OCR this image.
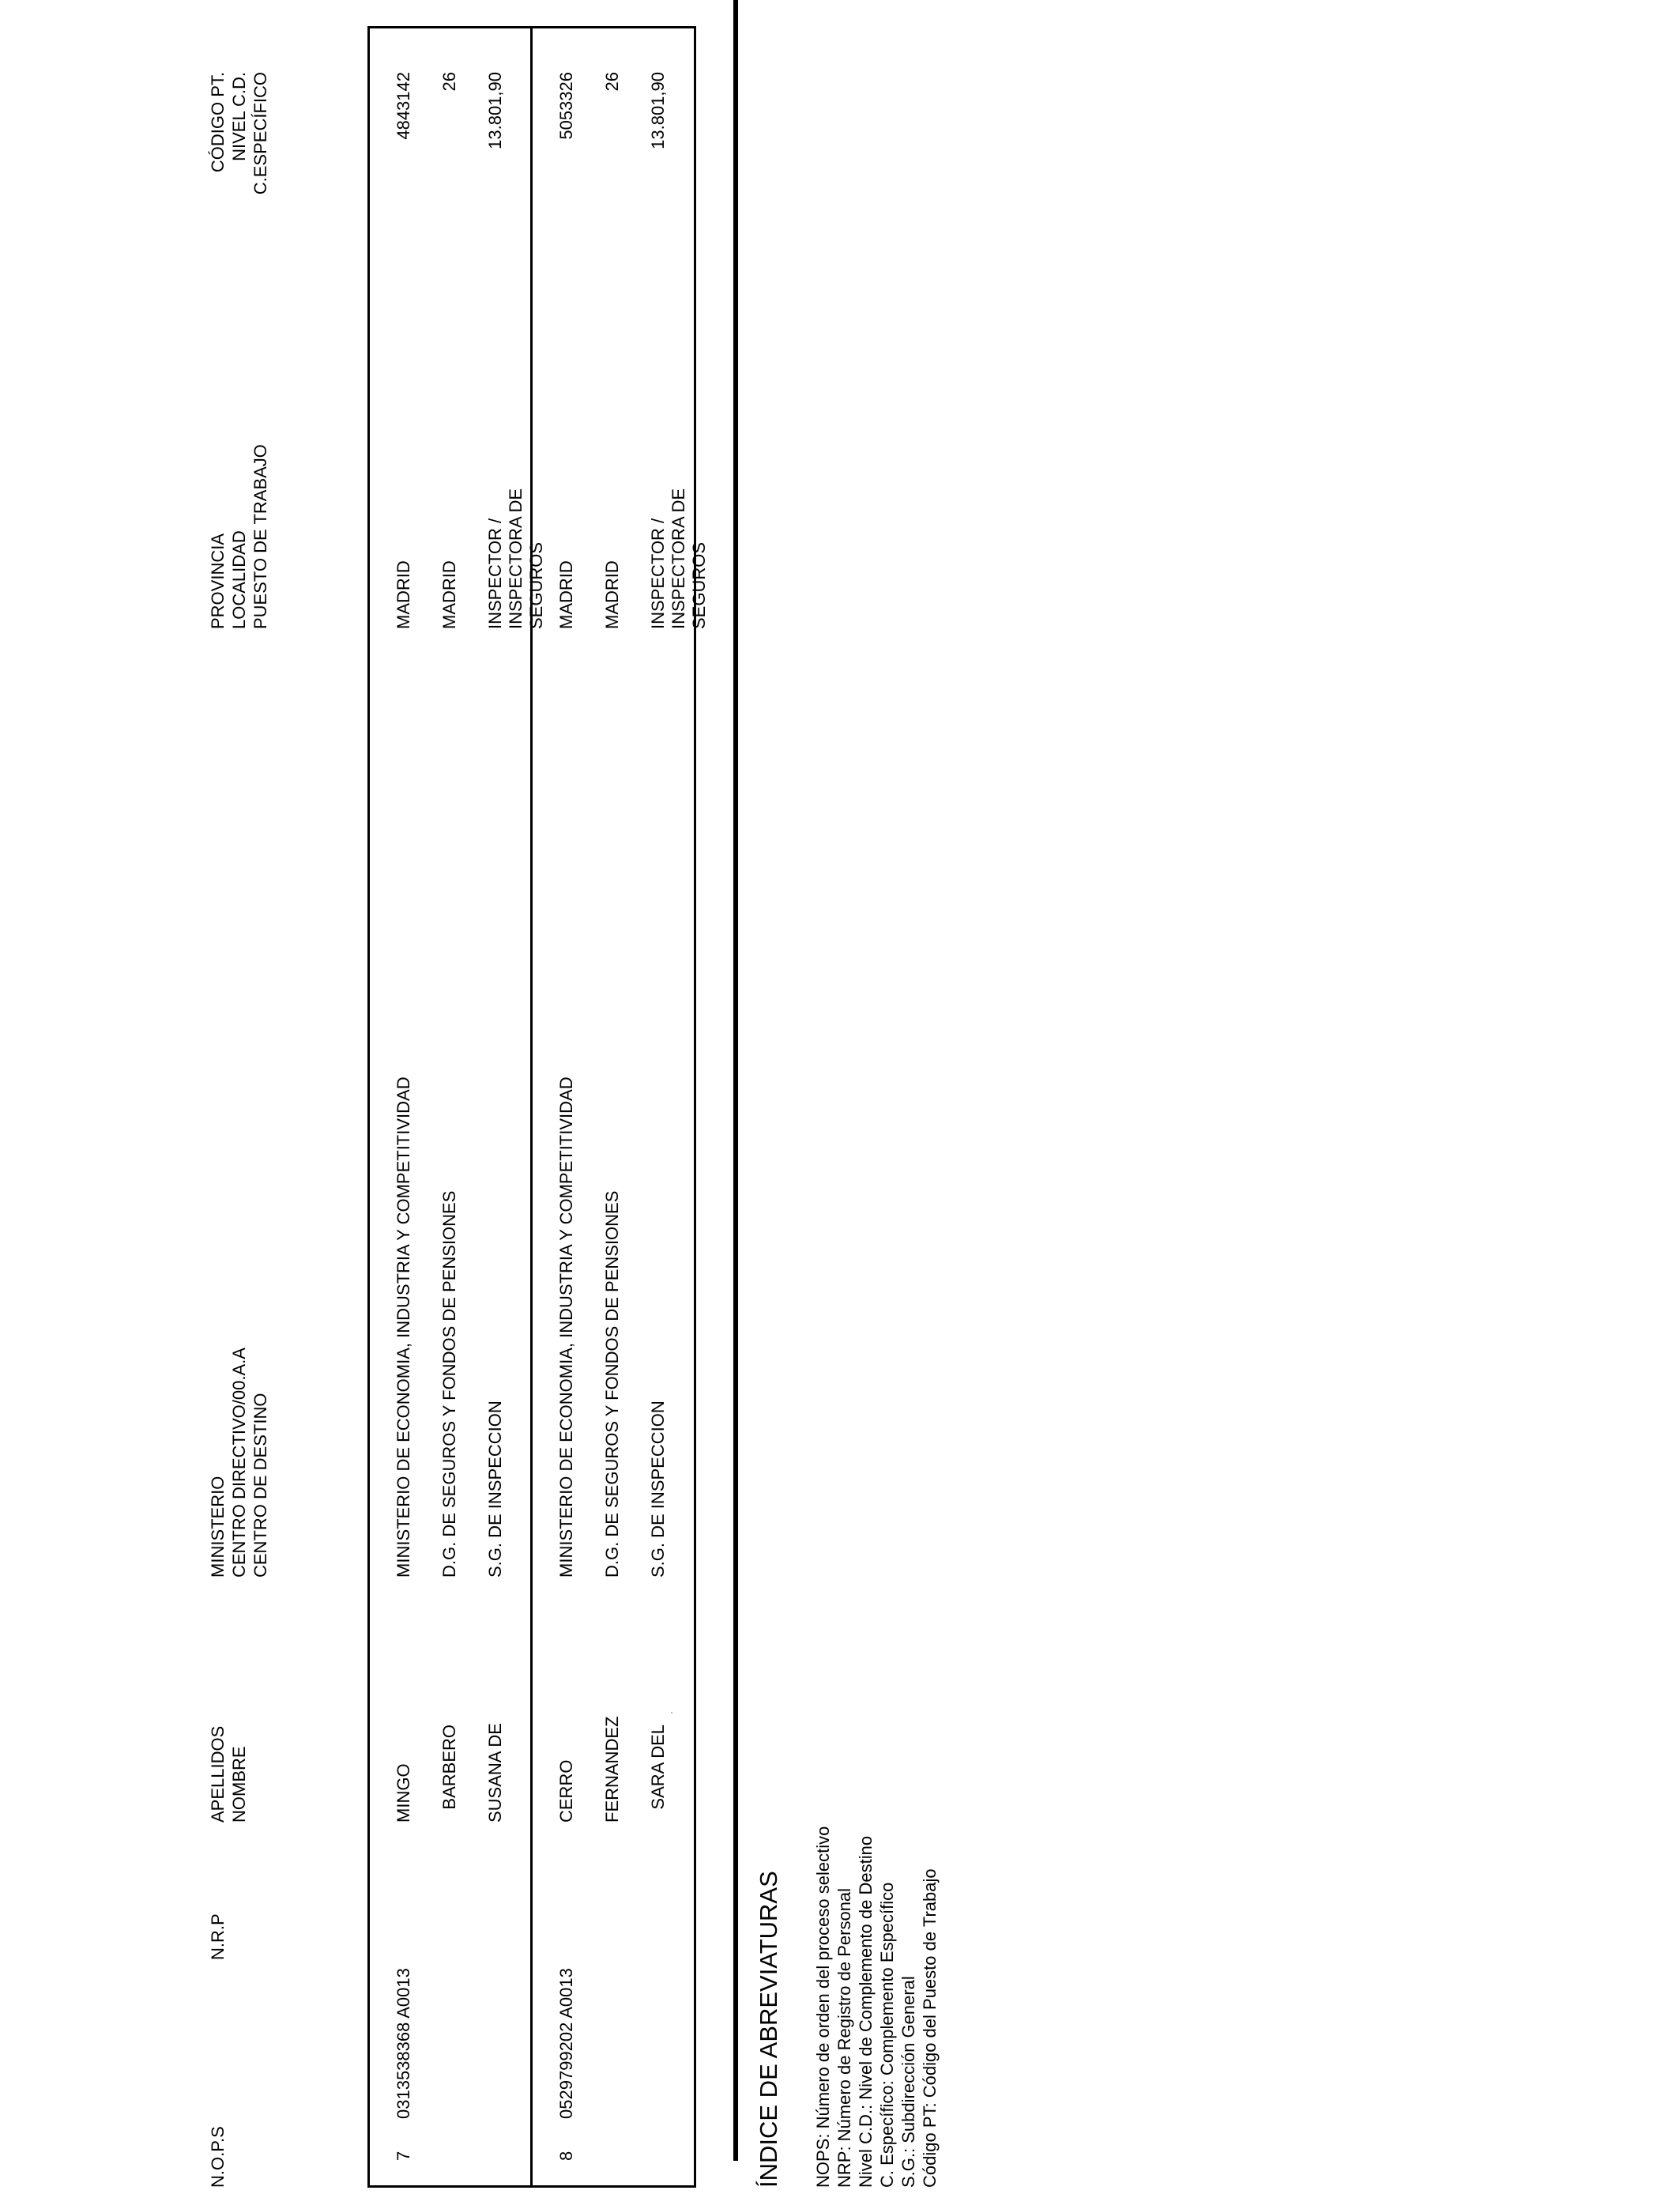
N.O.P.S
N.R.P
APELLIDOS NOMBRE
MINISTERIO CENTRO DIRECTIVO/00.A.A CENTRO DE DESTINO
PROVINCIA LOCALIDAD PUESTO DE TRABAJO
CÓDIGO PT. NIVEL C.D. C.ESPECÍFICO
7
0313538368 A0013
MINGO BARBERO SUSANA DE
MINISTERIO DE ECONOMIA, INDUSTRIA Y COMPETITIVIDAD D.G. DE SEGUROS Y FONDOS DE PENSIONES S.G. DE INSPECCION
MADRID MADRID INSPECTOR / INSPECTORA DE SEGUROS
4843142 26 13.801,90
8
0529799202 A0013
CERRO FERNANDEZ SARA DEL
MINISTERIO DE ECONOMIA, INDUSTRIA Y COMPETITIVIDAD D.G. DE SEGUROS Y FONDOS DE PENSIONES S.G. DE INSPECCION
MADRID MADRID INSPECTOR / INSPECTORA DE SEGUROS
5053326 26 13.801,90
ÍNDICE DE ABREVIATURAS NOPS: Número de orden del proceso selectivo NRP: Número de Registro de Personal Nivel C.D.: Nivel de Complemento de Destino C. Específico: Complemento Específico S.G.: Subdirección General Código PT: Código del Puesto de Trabajo
